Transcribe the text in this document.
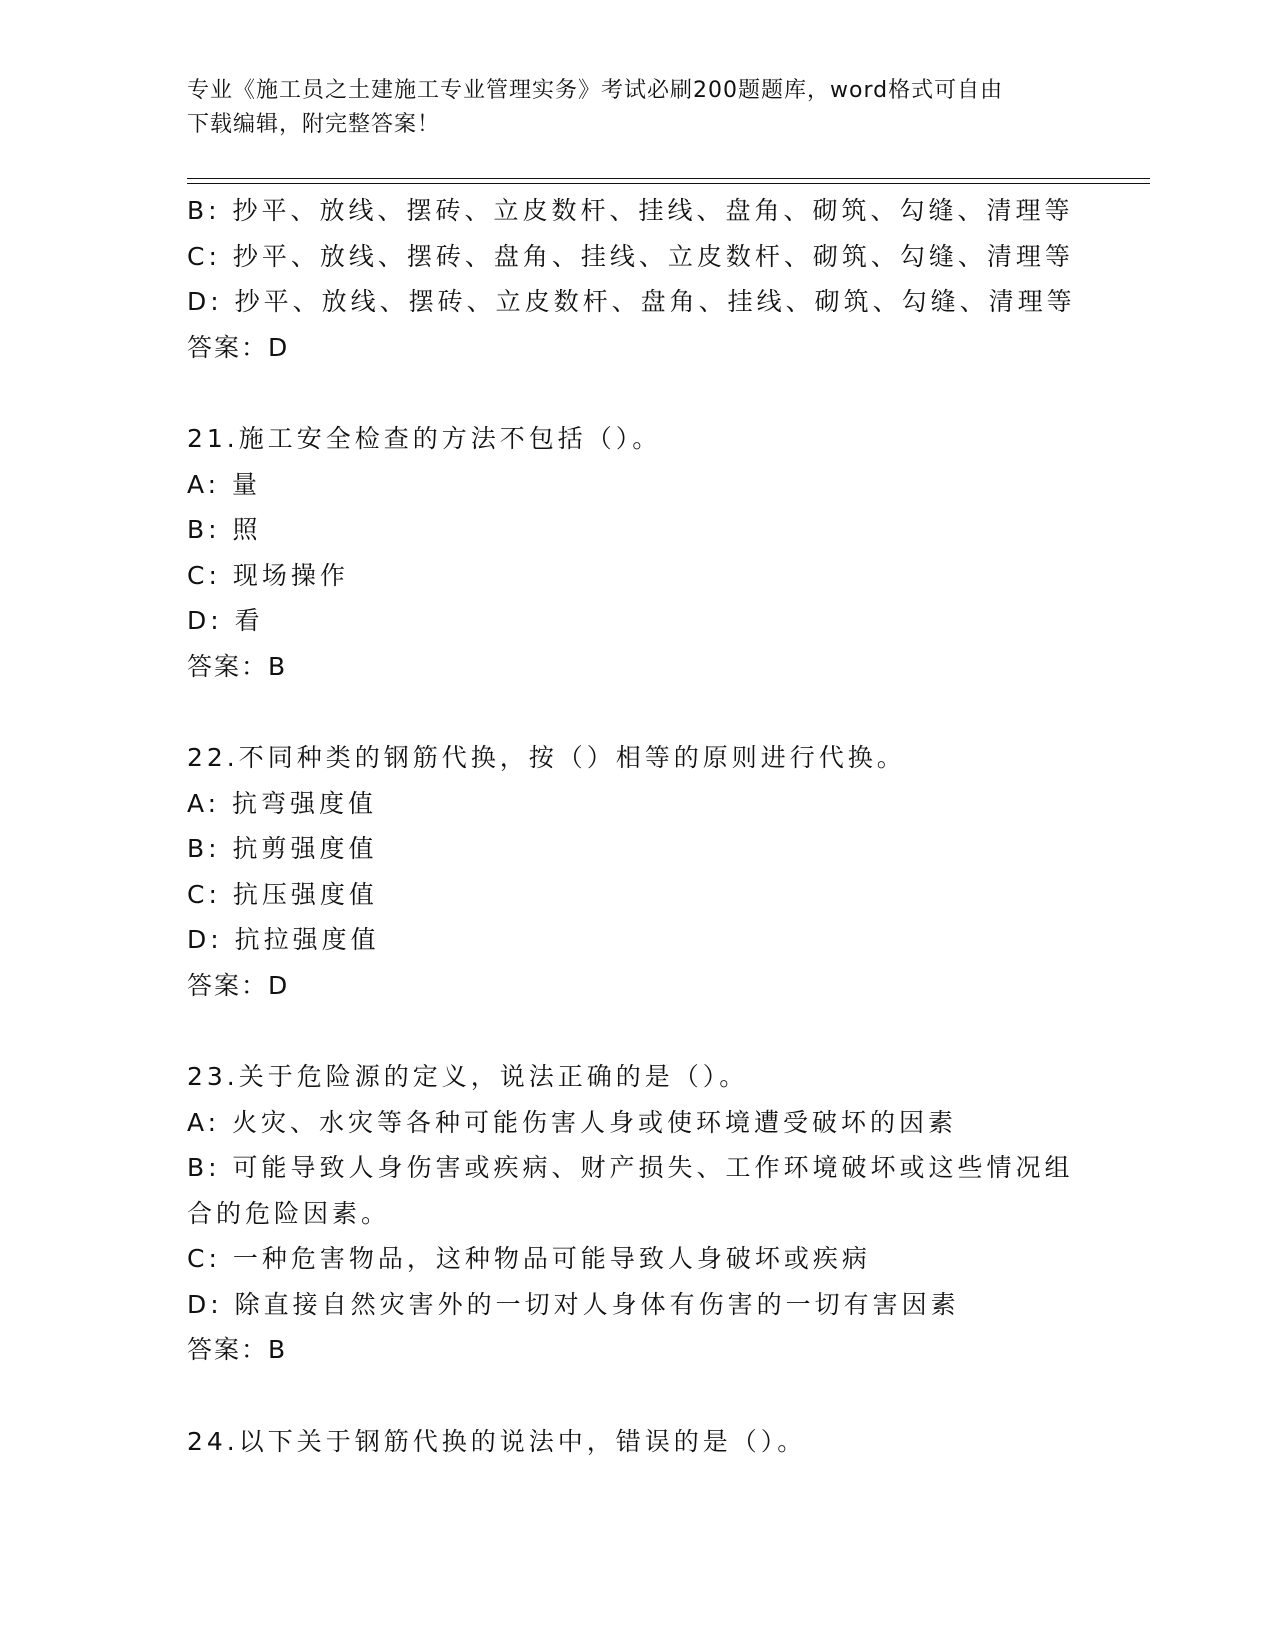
专业《施工员之土建施工专业管理实务》考试必刷200题题库，word格式可自由
下载编辑，附完整答案！
B: 抄平、放线、摆砖、立皮数杆、挂线、盘角、砌筑、勾缝、清理等
C: 抄平、放线、摆砖、盘角、挂线、立皮数杆、砌筑、勾缝、清理等
D: 抄平、放线、摆砖、立皮数杆、盘角、挂线、砌筑、勾缝、清理等
答案：D
21.施工安全检查的方法不包括（）。
A: 量
B: 照
C: 现场操作
D: 看
答案：B
22.不同种类的钢筋代换，按（）相等的原则进行代换。
A: 抗弯强度值
B: 抗剪强度值
C: 抗压强度值
D: 抗拉强度值
答案：D
23.关于危险源的定义，说法正确的是（）。
A: 火灾、水灾等各种可能伤害人身或使环境遭受破坏的因素
B: 可能导致人身伤害或疾病、财产损失、工作环境破坏或这些情况组
合的危险因素。
C: 一种危害物品，这种物品可能导致人身破坏或疾病
D: 除直接自然灾害外的一切对人身体有伤害的一切有害因素
答案：B
24.以下关于钢筋代换的说法中，错误的是（）。
